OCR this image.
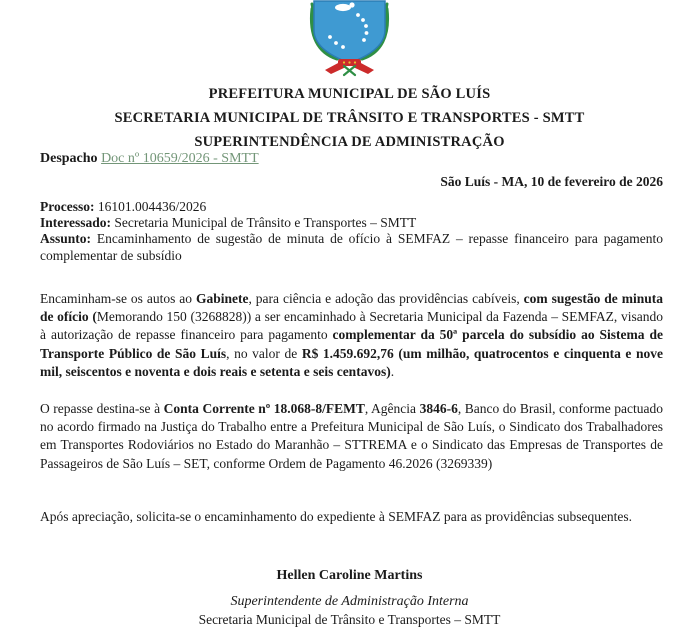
PREFEITURA MUNICIPAL DE SÃO LUÍS
SECRETARIA MUNICIPAL DE TRÂNSITO E TRANSPORTES - SMTT
SUPERINTENDÊNCIA DE ADMINISTRAÇÃO
Despacho Doc nº 10659/2026 - SMTT
São Luís - MA, 10 de fevereiro de 2026
Processo: 16101.004436/2026
Interessado: Secretaria Municipal de Trânsito e Transportes – SMTT
Assunto: Encaminhamento de sugestão de minuta de ofício à SEMFAZ – repasse financeiro para pagamento complementar de subsídio
Encaminham-se os autos ao Gabinete, para ciência e adoção das providências cabíveis, com sugestão de minuta de ofício (Memorando 150 (3268828)) a ser encaminhado à Secretaria Municipal da Fazenda – SEMFAZ, visando à autorização de repasse financeiro para pagamento complementar da 50ª parcela do subsídio ao Sistema de Transporte Público de São Luís, no valor de R$ 1.459.692,76 (um milhão, quatrocentos e cinquenta e nove mil, seiscentos e noventa e dois reais e setenta e seis centavos).
O repasse destina-se à Conta Corrente nº 18.068-8/FEMT, Agência 3846-6, Banco do Brasil, conforme pactuado no acordo firmado na Justiça do Trabalho entre a Prefeitura Municipal de São Luís, o Sindicato dos Trabalhadores em Transportes Rodoviários no Estado do Maranhão – STTREMA e o Sindicato das Empresas de Transportes de Passageiros de São Luís – SET, conforme Ordem de Pagamento 46.2026 (3269339)
Após apreciação, solicita-se o encaminhamento do expediente à SEMFAZ para as providências subsequentes.
Hellen Caroline Martins
Superintendente de Administração Interna
Secretaria Municipal de Trânsito e Transportes – SMTT
